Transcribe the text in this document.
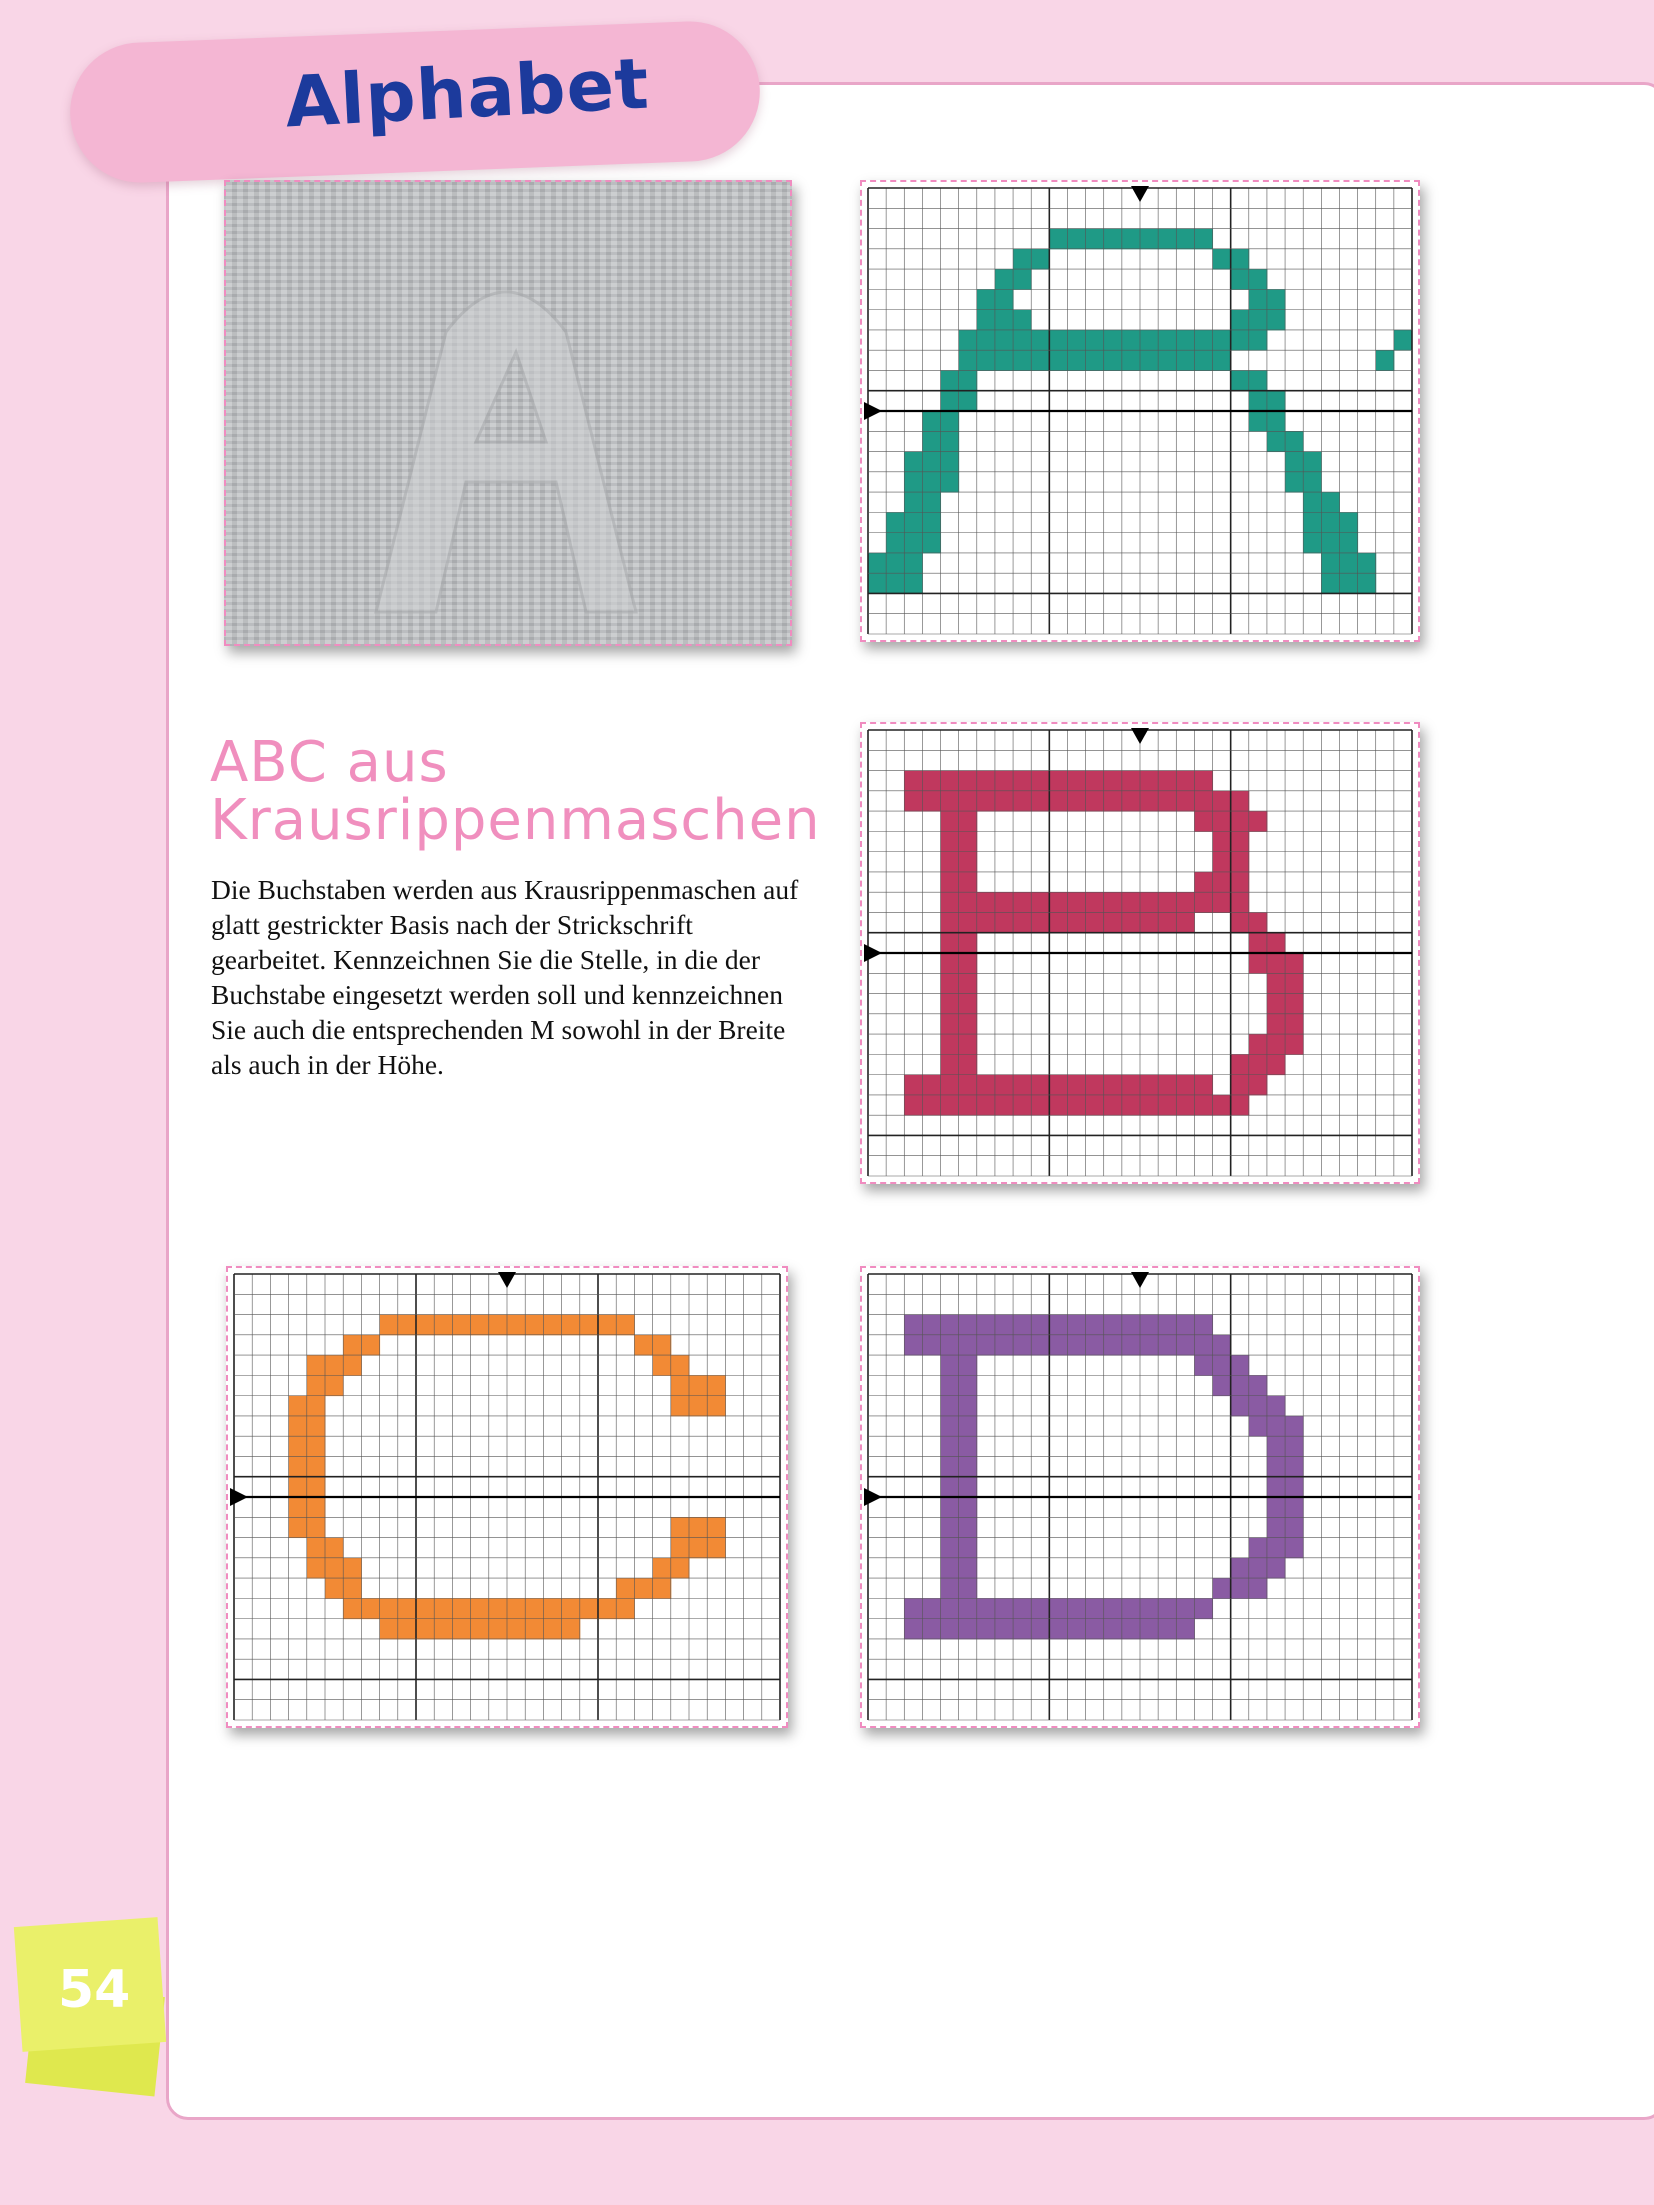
Alphabet
ABC aus
Krausrippenmaschen
Die Buchstaben werden aus Krausrippenmaschen auf glatt gestrickter Basis nach der Strickschrift gearbeitet. Kennzeichnen Sie die Stelle, in die der Buchstabe eingesetzt werden soll und kennzeichnen Sie auch die entsprechenden M sowohl in der Breite als auch in der Höhe.
54
